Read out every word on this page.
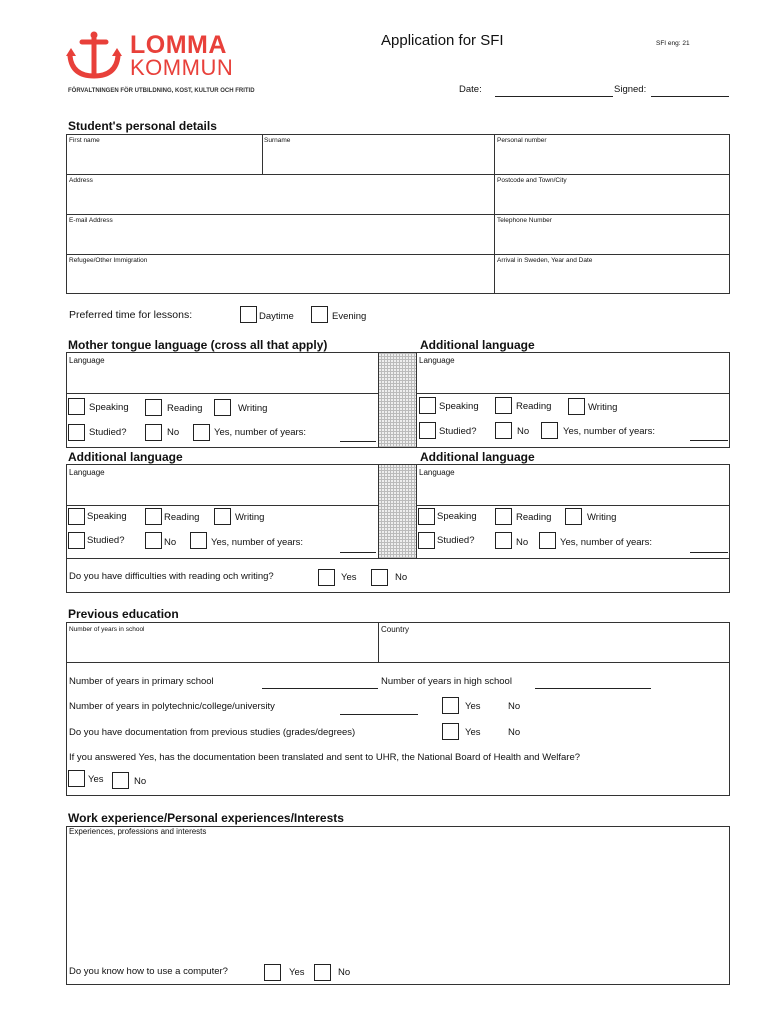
LOMMA
KOMMUN
FÖRVALTNINGEN FÖR UTBILDNING, KOST, KULTUR OCH FRITID
Application for SFI	SFI eng: 21
Date:	Signed:
Student's personal details
First name	Surname	Personal number
Address	Postcode and Town/City
E-mail Address	Telephone Number
Refugee/Other Immigration	Arrival in Sweden, Year and Date
Preferred time for lessons:	Daytime	Evening
Mother tongue language (cross all that apply)	Additional language
Language	Language
Speaking	Reading	Writing
Studied?	No	Yes, number of years:
Speaking	Reading	Writing
Studied?	No	Yes, number of years:
Additional language	Additional language
Language	Language
Speaking	Reading	Writing
Studied?	No	Yes, number of years:
Speaking	Reading	Writing
Studied?	No	Yes, number of years:
Do you have difficulties with reading och writing?	Yes	No
Previous education
Number of years in school	Country
Number of years in primary school	Number of years in high school
Number of years in polytechnic/college/university	Yes	No
Do you have documentation from previous studies (grades/degrees)	Yes	No
If you answered Yes, has the documentation been translated and sent to UHR, the National Board of Health and Welfare?
Yes	No
Work experience/Personal experiences/Interests
Experiences, professions and interests
Do you know how to use a computer?	Yes	No
